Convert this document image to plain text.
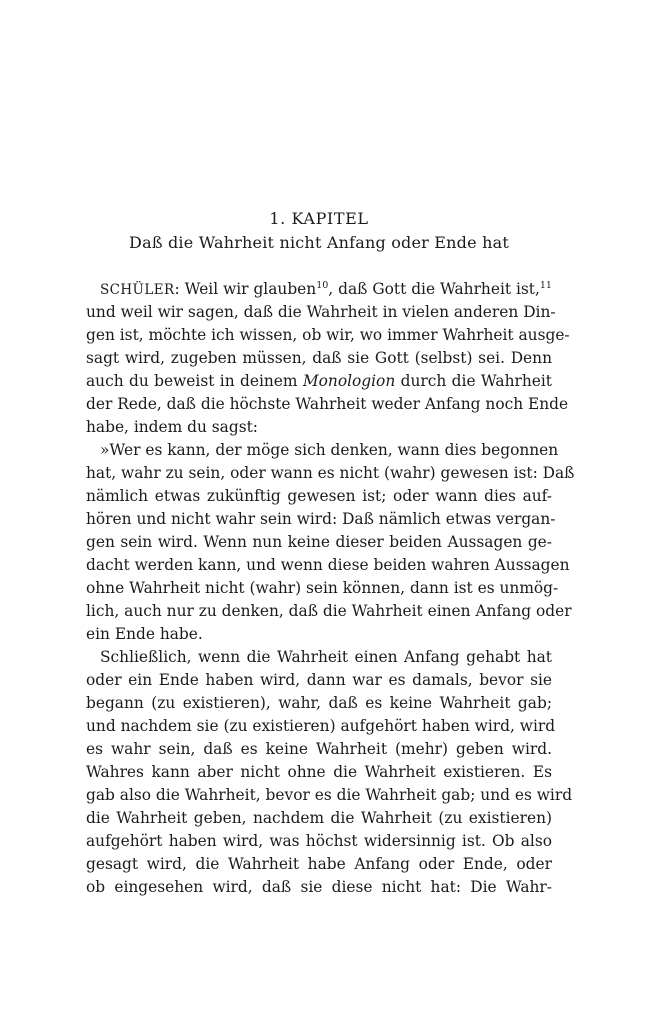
1. KAPITEL
Daß die Wahrheit nicht Anfang oder Ende hat
SCHÜLER: Weil wir glauben$^{10}$, daß Gott die Wahrheit ist,$^{11}$
und weil wir sagen, daß die Wahrheit in vielen anderen Din-
gen ist, möchte ich wissen, ob wir, wo immer Wahrheit ausge-
sagt wird, zugeben müssen, daß sie Gott (selbst) sei. Denn
auch du beweist in deinem Monologion durch die Wahrheit
der Rede, daß die höchste Wahrheit weder Anfang noch Ende
habe, indem du sagst:
»Wer es kann, der möge sich denken, wann dies begonnen
hat, wahr zu sein, oder wann es nicht (wahr) gewesen ist: Daß
nämlich etwas zukünftig gewesen ist; oder wann dies auf-
hören und nicht wahr sein wird: Daß nämlich etwas vergan-
gen sein wird. Wenn nun keine dieser beiden Aussagen ge-
dacht werden kann, und wenn diese beiden wahren Aussagen
ohne Wahrheit nicht (wahr) sein können, dann ist es unmög-
lich, auch nur zu denken, daß die Wahrheit einen Anfang oder
ein Ende habe.
Schließlich, wenn die Wahrheit einen Anfang gehabt hat
oder ein Ende haben wird, dann war es damals, bevor sie
begann (zu existieren), wahr, daß es keine Wahrheit gab;
und nachdem sie (zu existieren) aufgehört haben wird, wird
es wahr sein, daß es keine Wahrheit (mehr) geben wird.
Wahres kann aber nicht ohne die Wahrheit existieren. Es
gab also die Wahrheit, bevor es die Wahrheit gab; und es wird
die Wahrheit geben, nachdem die Wahrheit (zu existieren)
aufgehört haben wird, was höchst widersinnig ist. Ob also
gesagt wird, die Wahrheit habe Anfang oder Ende, oder
ob eingesehen wird, daß sie diese nicht hat: Die Wahr-
